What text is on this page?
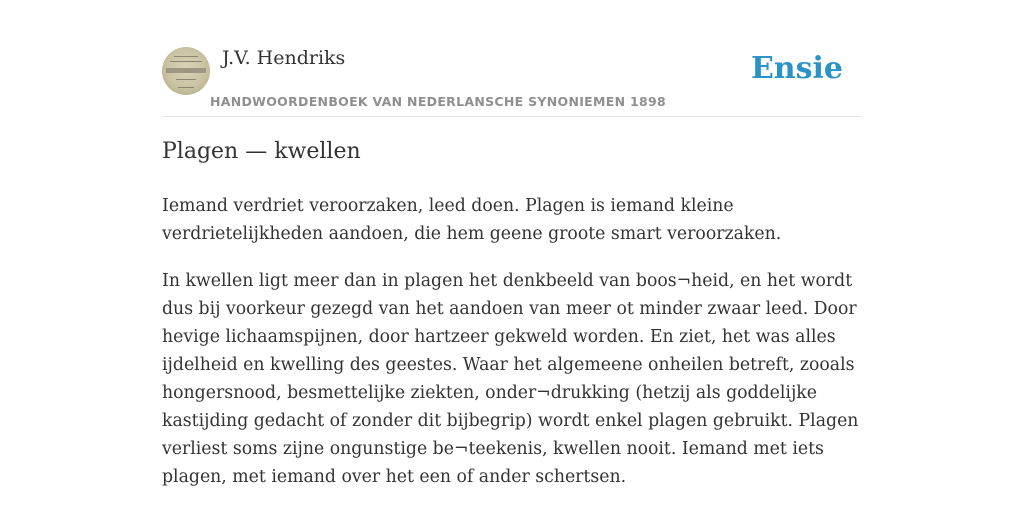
J.V. Hendriks
HANDWOORDENBOEK VAN NEDERLANSCHE SYNONIEMEN 1898
Ensie
Plagen — kwellen

Iemand verdriet veroorzaken, leed doen. Plagen is iemand kleine verdrietelijkheden aandoen, die hem geene groote smart veroorzaken.

In kwellen ligt meer dan in plagen het denkbeeld van boos¬heid, en het wordt dus bij voorkeur gezegd van het aandoen van meer ot minder zwaar leed. Door hevige lichaamspijnen, door hartzeer gekweld worden. En ziet, het was alles ijdelheid en kwelling des geestes. Waar het algemeene onheilen betreft, zooals hongersnood, besmettelijke ziekten, onder¬drukking (hetzij als goddelijke kastijding gedacht of zonder dit bijbegrip) wordt enkel plagen gebruikt. Plagen verliest soms zijne ongunstige be¬teekenis, kwellen nooit. Iemand met iets plagen, met iemand over het een of ander schertsen.
